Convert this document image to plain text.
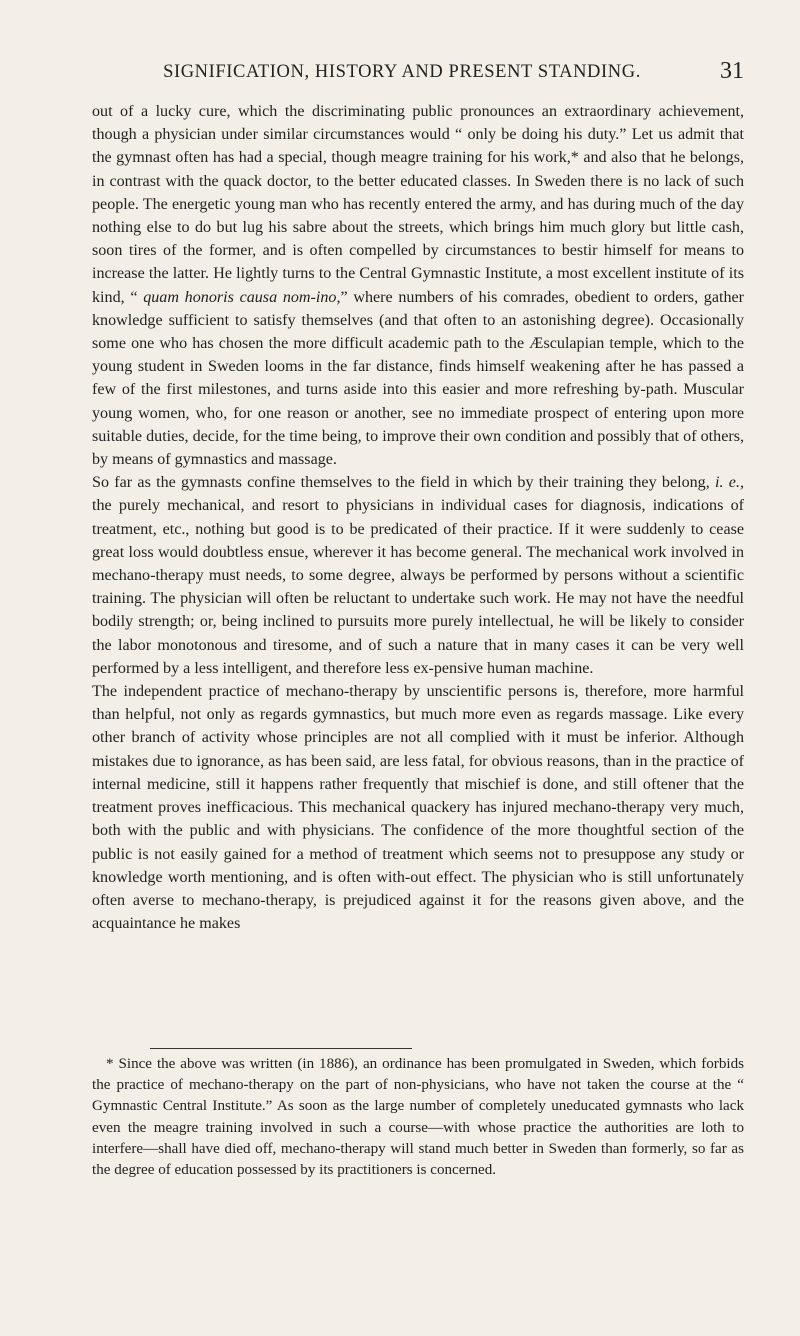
SIGNIFICATION, HISTORY AND PRESENT STANDING.	31

out of a lucky cure, which the discriminating public pronounces an extraordinary achievement, though a physician under similar circumstances would “ only be doing his duty.” Let us admit that the gymnast often has had a special, though meagre training for his work,* and also that he belongs, in contrast with the quack doctor, to the better educated classes. In Sweden there is no lack of such people. The energetic young man who has recently entered the army, and has during much of the day nothing else to do but lug his sabre about the streets, which brings him much glory but little cash, soon tires of the former, and is often compelled by circumstances to bestir himself for means to increase the latter. He lightly turns to the Central Gymnastic Institute, a most excellent institute of its kind, “ quam honoris causa nom-ino,” where numbers of his comrades, obedient to orders, gather knowledge sufficient to satisfy themselves (and that often to an astonishing degree). Occasionally some one who has chosen the more difficult academic path to the Æsculapian temple, which to the young student in Sweden looms in the far distance, finds himself weakening after he has passed a few of the first milestones, and turns aside into this easier and more refreshing by-path. Muscular young women, who, for one reason or another, see no immediate prospect of entering upon more suitable duties, decide, for the time being, to improve their own condition and possibly that of others, by means of gymnastics and massage.

So far as the gymnasts confine themselves to the field in which by their training they belong, i. e., the purely mechanical, and resort to physicians in individual cases for diagnosis, indications of treatment, etc., nothing but good is to be predicated of their practice. If it were suddenly to cease great loss would doubtless ensue, wherever it has become general. The mechanical work involved in mechano-therapy must needs, to some degree, always be performed by persons without a scientific training. The physician will often be reluctant to undertake such work. He may not have the needful bodily strength; or, being inclined to pursuits more purely intellectual, he will be likely to consider the labor monotonous and tiresome, and of such a nature that in many cases it can be very well performed by a less intelligent, and therefore less ex-pensive human machine.

The independent practice of mechano-therapy by unscientific persons is, therefore, more harmful than helpful, not only as regards gymnastics, but much more even as regards massage. Like every other branch of activity whose principles are not all complied with it must be inferior. Although mistakes due to ignorance, as has been said, are less fatal, for obvious reasons, than in the practice of internal medicine, still it happens rather frequently that mischief is done, and still oftener that the treatment proves inefficacious. This mechanical quackery has injured mechano-therapy very much, both with the public and with physicians. The confidence of the more thoughtful section of the public is not easily gained for a method of treatment which seems not to presuppose any study or knowledge worth mentioning, and is often with-out effect. The physician who is still unfortunately often averse to mechano-therapy, is prejudiced against it for the reasons given above, and the acquaintance he makes

* Since the above was written (in 1886), an ordinance has been promulgated in Sweden, which forbids the practice of mechano-therapy on the part of non-physicians, who have not taken the course at the “ Gymnastic Central Institute.” As soon as the large number of completely uneducated gymnasts who lack even the meagre training involved in such a course—with whose practice the authorities are loth to interfere—shall have died off, mechano-therapy will stand much better in Sweden than formerly, so far as the degree of education possessed by its practitioners is concerned.
